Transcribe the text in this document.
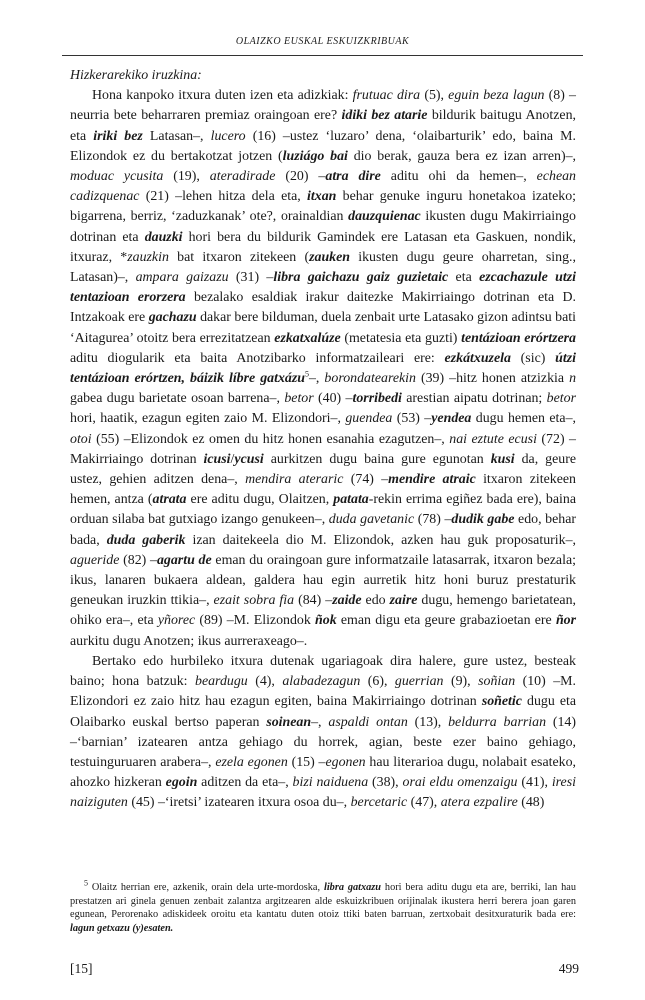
OLAIZKO EUSKAL ESKUIZKRIBUAK

Hizkerarekiko iruzkina:

Hona kanpoko itxura duten izen eta adizkiak: frutuac dira (5), eguin beza lagun (8) –neurria bete beharraren premiaz oraingoan ere? idiki bez atarie bildurik baitugu Anotzen, eta iriki bez Latasan–, lucero (16) –ustez ‘luzaro’ dena, ‘olaibarturik’ edo, baina M. Elizondok ez du bertakotzat jotzen (luziágo bai dio berak, gauza bera ez izan arren)–, moduac ycusita (19), ateradirade (20) –atra dire aditu ohi da hemen–, echean cadizquenac (21) –lehen hitza dela eta, itxan behar genuke inguru honetakoa izateko; bigarrena, berriz, ‘zaduzkanak’ ote?, orainaldian dauzquienac ikusten dugu Makirriaingo dotrinan eta dauzki hori bera du bildurik Gamindek ere Latasan eta Gaskuen, nondik, itxuraz, *zauzkin bat itxaron zitekeen (zauken ikusten dugu geure oharretan, sing., Latasan)–, ampara gaizazu (31) –libra gaichazu gaiz guzietaic eta ezcachazule utzi tentazioan erorzera bezalako esaldiak irakur daitezke Makirriaingo dotrinan eta D. Intzakoak ere gachazu dakar bere bilduman, duela zenbait urte Latasako gizon adintsu bati ‘Aitagurea’ otoitz bera errezitatzean ezkatxalúze (metatesia eta guzti) tentázioan erórtzera aditu diogularik eta baita Anotzibarko informatzaileari ere: ezkátxuzela (sic) útzi tentázioan erórtzen, báizik líbre gatxázu$^5$–, borondatearekin (39) –hitz honen atzizkia n gabea dugu barietate osoan barrena–, betor (40) –torribedi arestian aipatu dotrinan; betor hori, haatik, ezagun egiten zaio M. Elizondori–, guendea (53) –yendea dugu hemen eta–, otoi (55) –Elizondok ez omen du hitz honen esanahia ezagutzen–, nai eztute ecusi (72) –Makirriaingo dotrinan icusi/ycusi aurkitzen dugu baina gure egunotan kusi da, geure ustez, gehien aditzen dena–, mendira ateraric (74) –mendire atraic itxaron zitekeen hemen, antza (atrata ere aditu dugu, Olaitzen, patata-rekin errima egiñez bada ere), baina orduan silaba bat gutxiago izango genukeen–, duda gavetanic (78) –dudik gabe edo, behar bada, duda gaberik izan daitekeela dio M. Elizondok, azken hau guk proposaturik–, agueride (82) –agartu de eman du oraingoan gure informatzaile latasarrak, itxaron bezala; ikus, lanaren bukaera aldean, galdera hau egin aurretik hitz honi buruz prestaturik geneukan iruzkin ttikia–, ezait sobra fia (84) –zaide edo zaire dugu, hemengo barietatean, ohiko era–, eta yñorec (89) –M. Elizondok ñok eman digu eta geure grabazioetan ere ñor aurkitu dugu Anotzen; ikus aurreraxeago–.

Bertako edo hurbileko itxura dutenak ugariagoak dira halere, gure ustez, besteak baino; hona batzuk: beardugu (4), alabadezagun (6), guerrian (9), soñian (10) –M. Elizondori ez zaio hitz hau ezagun egiten, baina Makirriaingo dotrinan soñetic dugu eta Olaibarko euskal bertso paperan soinean–, aspaldi ontan (13), beldurra barrian (14) –‘barnian’ izatearen antza gehiago du horrek, agian, beste ezer baino gehiago, testuinguruaren arabera–, ezela egonen (15) –egonen hau literarioa dugu, nolabait esateko, ahozko hizkeran egoin aditzen da eta–, bizi naiduena (38), orai eldu omenzaigu (41), iresi naiziguten (45) –‘iretsi’ izatearen itxura osoa du–, bercetaric (47), atera ezpalire (48)

$^5$ Olaitz herrian ere, azkenik, orain dela urte-mordoska, libra gatxazu hori bera aditu dugu eta are, berriki, lan hau prestatzen ari ginela genuen zenbait zalantza argitzearen alde eskuizkribuen orijinalak ikustera herri berera joan garen egunean, Perorenako adiskideek oroitu eta kantatu duten otoiz ttiki baten barruan, zertxobait desitxuraturik bada ere: lagun getxazu (y)esaten.

[15]	499
